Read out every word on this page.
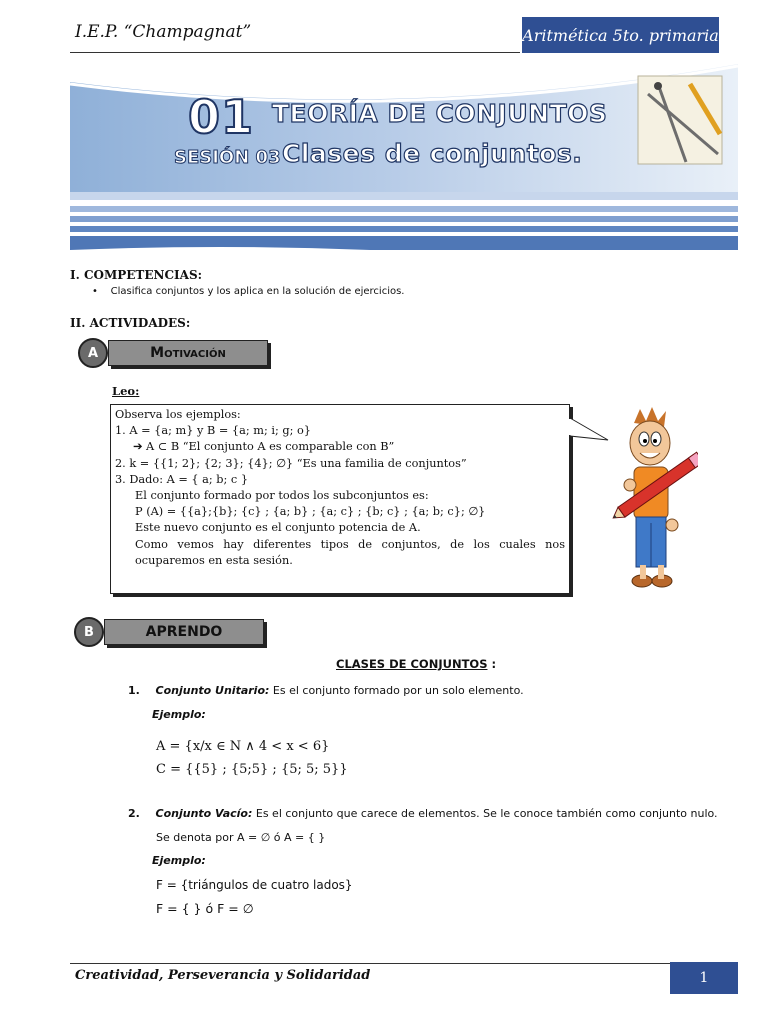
I.E.P. “Champagnat”	Aritmética 5to. primaria
01
SESIÓN 03
TEORÍA DE CONJUNTOS
Clases de conjuntos.
I. COMPETENCIAS:
• Clasifica conjuntos y los aplica en la solución de ejercicios.
II. ACTIVIDADES:
A	Motivación
Leo:

Observa los ejemplos:

1. A = {a; m} y B = {a; m; i; g; o}

➔ A ⊂ B “El conjunto A es comparable con B”

2. k = {{1; 2}; {2; 3}; {4}; ∅} “Es una familia de conjuntos”

3. Dado: A = { a; b; c }

El conjunto formado por todos los subconjuntos es:

P (A) = {{a};{b}; {c} ; {a; b} ; {a; c} ; {b; c} ; {a; b; c}; ∅}

Este nuevo conjunto es el conjunto potencia de A.

Como vemos hay diferentes tipos de conjuntos, de los cuales nos ocuparemos en esta sesión.

B	APRENDO
CLASES DE CONJUNTOS :
1. Conjunto Unitario: Es el conjunto formado por un solo elemento.
Ejemplo:
A = {x/x ∈ N ∧ 4 < x < 6}
C = {{5} ; {5;5} ; {5; 5; 5}}
2. Conjunto Vacío: Es el conjunto que carece de elementos. Se le conoce también como conjunto nulo.
Se denota por A = ∅ ó A = { }
Ejemplo:
F = {triángulos de cuatro lados}
F = { } ó F = ∅
Creatividad, Perseverancia y Solidaridad	1
